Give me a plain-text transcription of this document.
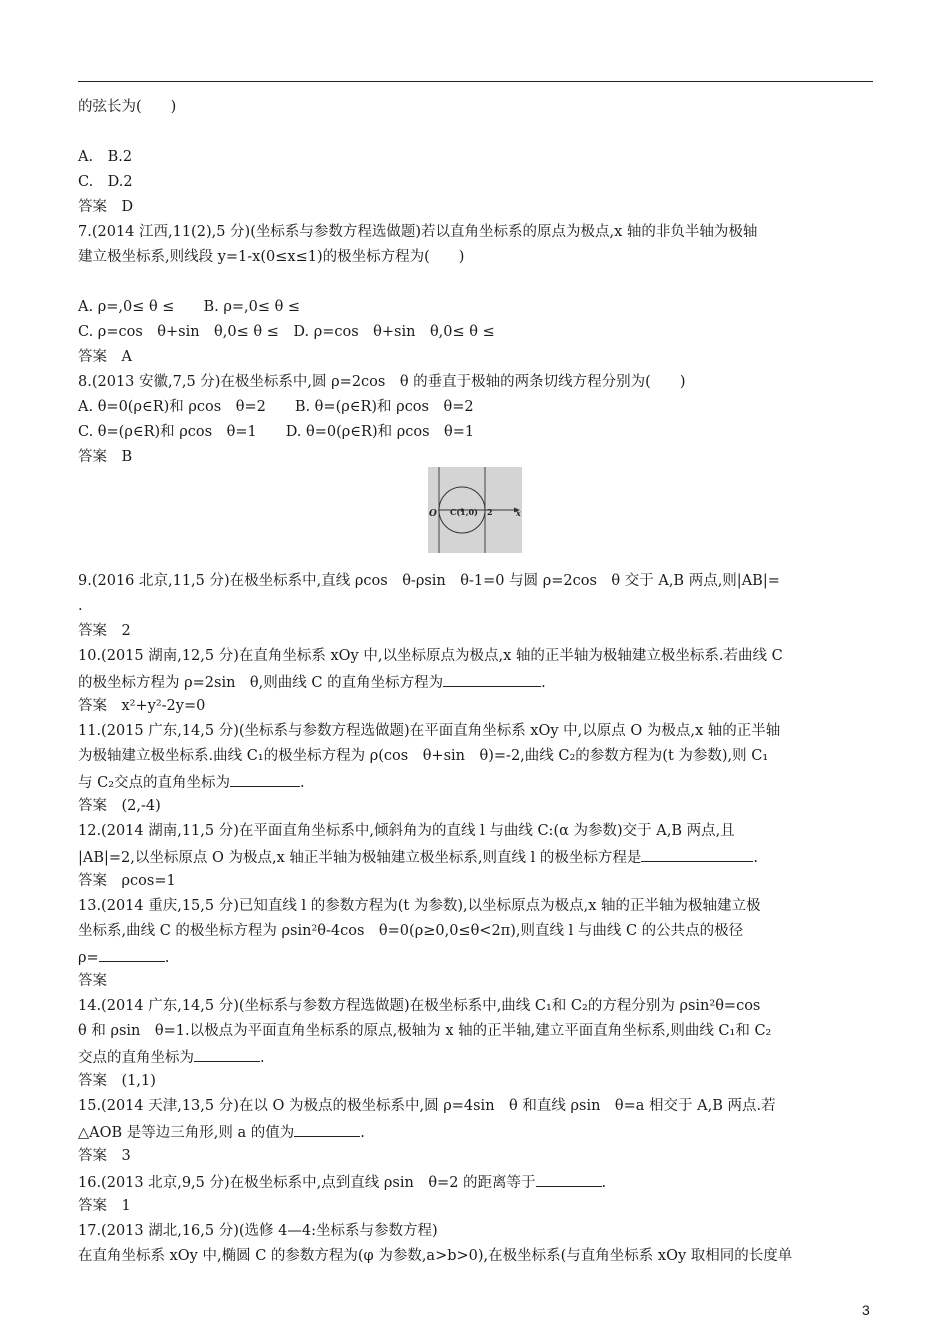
的弦长为(　　)
A.　B.2
C.　D.2
答案　D
7.(2014 江西,11(2),5 分)(坐标系与参数方程选做题)若以直角坐标系的原点为极点,x 轴的非负半轴为极轴
建立极坐标系,则线段 y=1-x(0≤x≤1)的极坐标方程为(　　)
A. ρ=,0≤ θ ≤　　B. ρ=,0≤ θ ≤
C. ρ=cos　θ+sin　θ,0≤ θ ≤　D. ρ=cos　θ+sin　θ,0≤ θ ≤
答案　A
8.(2013 安徽,7,5 分)在极坐标系中,圆 ρ=2cos　θ 的垂直于极轴的两条切线方程分别为(　　)
A. θ=0(ρ∈R)和 ρcos　θ=2　　B. θ=(ρ∈R)和 ρcos　θ=2
C. θ=(ρ∈R)和 ρcos　θ=1　　D. θ=0(ρ∈R)和 ρcos　θ=1
答案　B
O C(1,0) 2	x
9.(2016 北京,11,5 分)在极坐标系中,直线 ρcos　θ-ρsin　θ-1=0 与圆 ρ=2cos　θ 交于 A,B 两点,则|AB|=
.
答案　2
10.(2015 湖南,12,5 分)在直角坐标系 xOy 中,以坐标原点为极点,x 轴的正半轴为极轴建立极坐标系.若曲线 C
的极坐标方程为 ρ=2sin　θ,则曲线 C 的直角坐标方程为	.
答案　x²+y²-2y=0
11.(2015 广东,14,5 分)(坐标系与参数方程选做题)在平面直角坐标系 xOy 中,以原点 O 为极点,x 轴的正半轴
为极轴建立极坐标系.曲线 C₁的极坐标方程为 ρ(cos　θ+sin　θ)=-2,曲线 C₂的参数方程为(t 为参数),则 C₁
与 C₂交点的直角坐标为	.
答案　(2,-4)
12.(2014 湖南,11,5 分)在平面直角坐标系中,倾斜角为的直线 l 与曲线 C:(α 为参数)交于 A,B 两点,且
|AB|=2,以坐标原点 O 为极点,x 轴正半轴为极轴建立极坐标系,则直线 l 的极坐标方程是	.
答案　ρcos=1
13.(2014 重庆,15,5 分)已知直线 l 的参数方程为(t 为参数),以坐标原点为极点,x 轴的正半轴为极轴建立极
坐标系,曲线 C 的极坐标方程为 ρsin²θ-4cos　θ=0(ρ≥0,0≤θ<2π),则直线 l 与曲线 C 的公共点的极径
ρ=	.
答案
14.(2014 广东,14,5 分)(坐标系与参数方程选做题)在极坐标系中,曲线 C₁和 C₂的方程分别为 ρsin²θ=cos
θ 和 ρsin　θ=1.以极点为平面直角坐标系的原点,极轴为 x 轴的正半轴,建立平面直角坐标系,则曲线 C₁和 C₂
交点的直角坐标为	.
答案　(1,1)
15.(2014 天津,13,5 分)在以 O 为极点的极坐标系中,圆 ρ=4sin　θ 和直线 ρsin　θ=a 相交于 A,B 两点.若
△AOB 是等边三角形,则 a 的值为	.
答案　3
16.(2013 北京,9,5 分)在极坐标系中,点到直线 ρsin　θ=2 的距离等于	.
答案　1
17.(2013 湖北,16,5 分)(选修 4—4:坐标系与参数方程)
在直角坐标系 xOy 中,椭圆 C 的参数方程为(φ 为参数,a>b>0),在极坐标系(与直角坐标系 xOy 取相同的长度单
3
